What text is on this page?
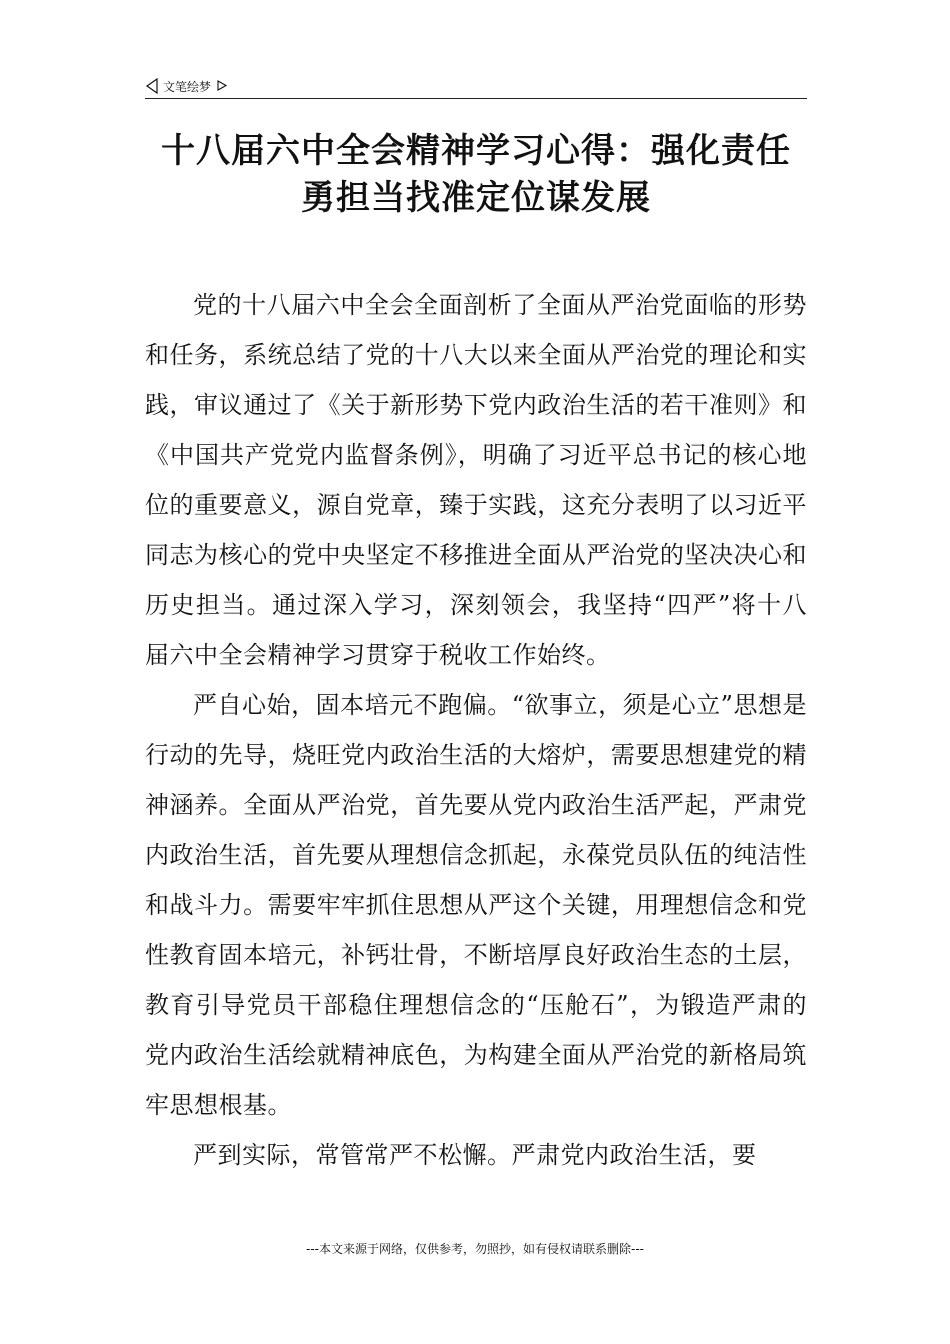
文笔绘梦
十八届六中全会精神学习心得：强化责任
勇担当找准定位谋发展

党的十八届六中全会全面剖析了全面从严治党面临的形势和任务，系统总结了党的十八大以来全面从严治党的理论和实践，审议通过了《关于新形势下党内政治生活的若干准则》和《中国共产党党内监督条例》，明确了习近平总书记的核心地位的重要意义，源自党章，臻于实践，这充分表明了以习近平同志为核心的党中央坚定不移推进全面从严治党的坚决决心和历史担当。通过深入学习，深刻领会，我坚持“四严”将十八届六中全会精神学习贯穿于税收工作始终。

严自心始，固本培元不跑偏。“欲事立，须是心立”思想是行动的先导，烧旺党内政治生活的大熔炉，需要思想建党的精神涵养。全面从严治党，首先要从党内政治生活严起，严肃党内政治生活，首先要从理想信念抓起，永葆党员队伍的纯洁性和战斗力。需要牢牢抓住思想从严这个关键，用理想信念和党性教育固本培元，补钙壮骨，不断培厚良好政治生态的土层，教育引导党员干部稳住理想信念的“压舱石”，为锻造严肃的党内政治生活绘就精神底色，为构建全面从严治党的新格局筑牢思想根基。

严到实际，常管常严不松懈。严肃党内政治生活，要

---本文来源于网络，仅供参考，勿照抄，如有侵权请联系删除---
